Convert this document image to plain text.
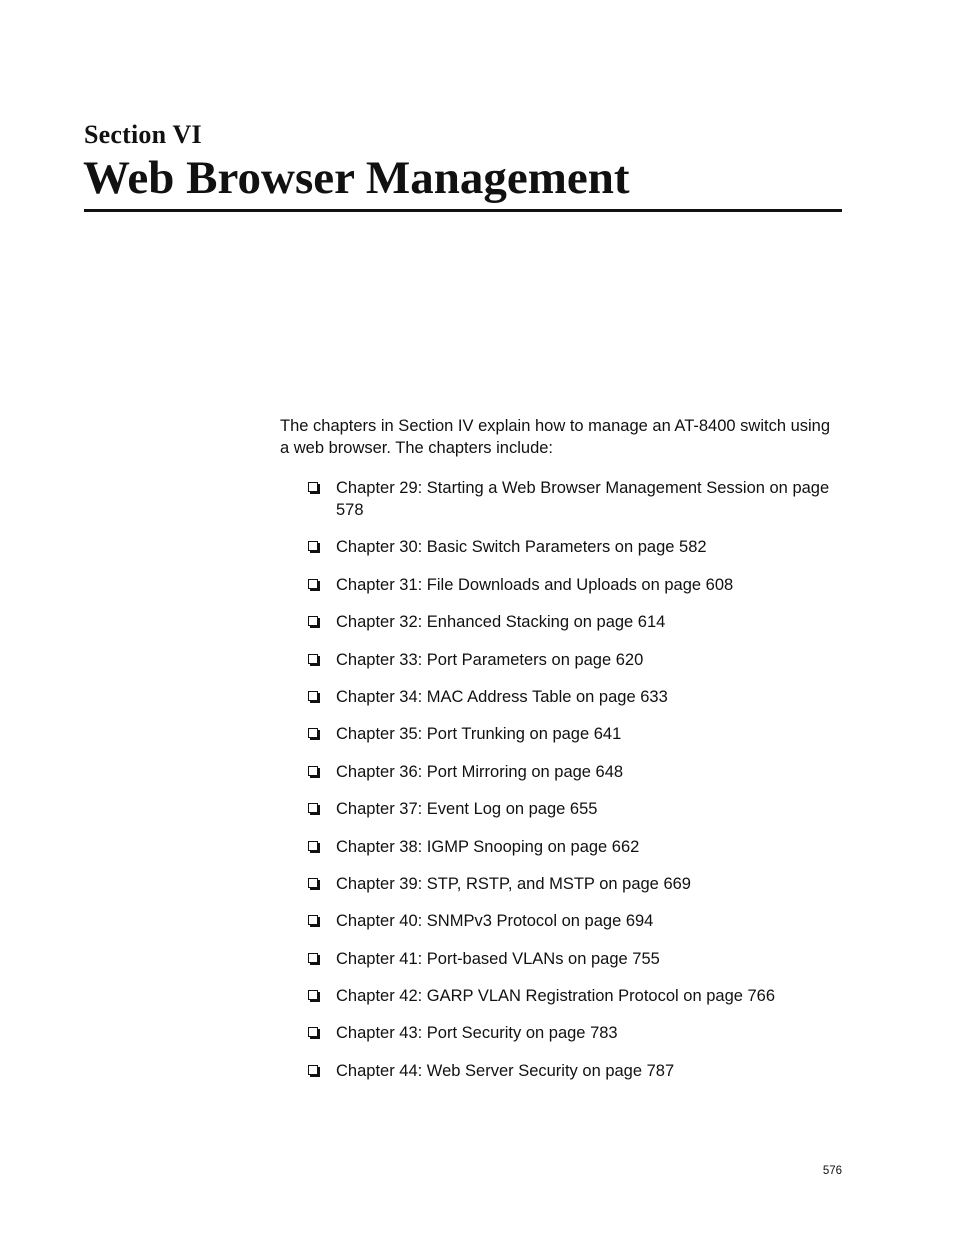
Section VI
Web Browser Management

The chapters in Section IV explain how to manage an AT-8400 switch using a web browser. The chapters include:

Chapter 29: Starting a Web Browser Management Session on page 578
Chapter 30: Basic Switch Parameters on page 582
Chapter 31: File Downloads and Uploads on page 608
Chapter 32: Enhanced Stacking on page 614
Chapter 33: Port Parameters on page 620
Chapter 34: MAC Address Table on page 633
Chapter 35: Port Trunking on page 641
Chapter 36: Port Mirroring on page 648
Chapter 37: Event Log on page 655
Chapter 38: IGMP Snooping on page 662
Chapter 39: STP, RSTP, and MSTP on page 669
Chapter 40: SNMPv3 Protocol on page 694
Chapter 41: Port-based VLANs on page 755
Chapter 42: GARP VLAN Registration Protocol on page 766
Chapter 43: Port Security on page 783
Chapter 44: Web Server Security on page 787
576
